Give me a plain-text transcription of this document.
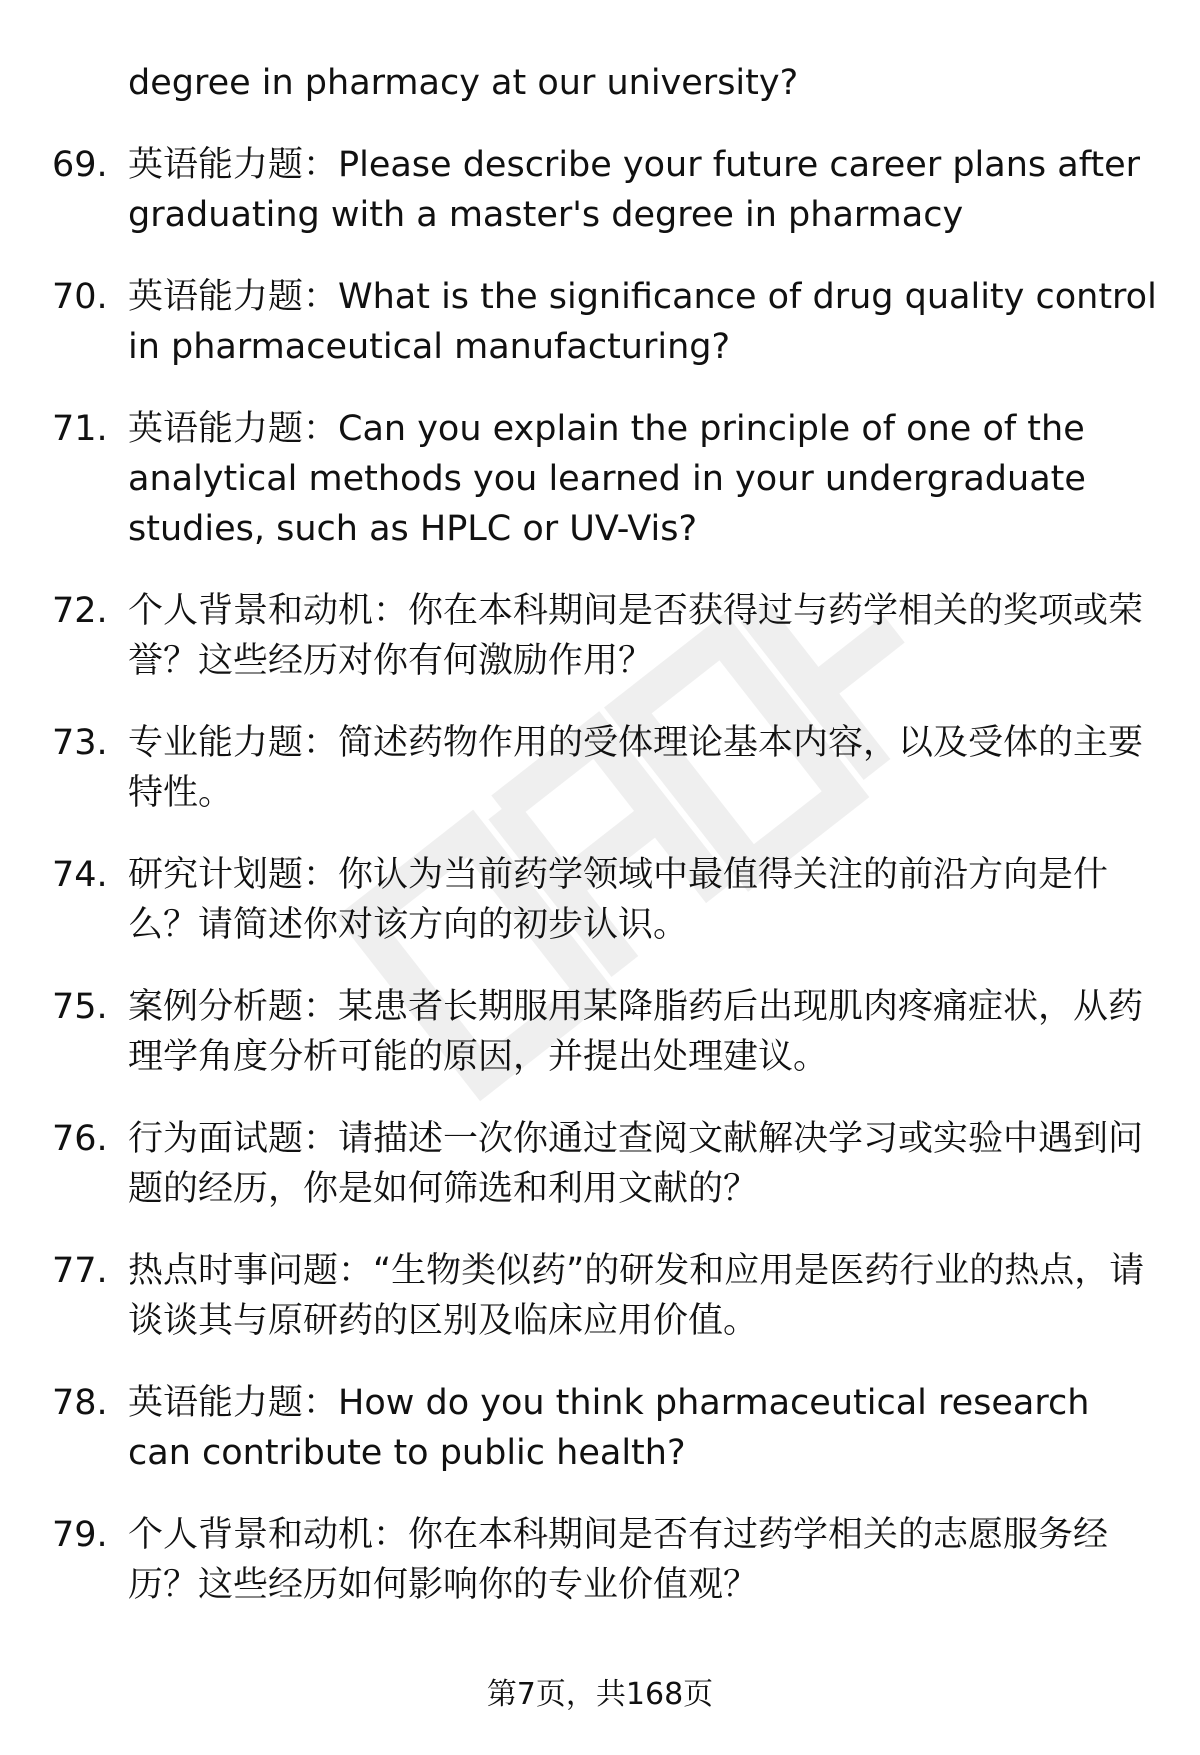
degree in pharmacy at our university?
69. 英语能力题：Please describe your future career plans after graduating with a master's degree in pharmacy
70. 英语能力题：What is the significance of drug quality control in pharmaceutical manufacturing?
71. 英语能力题：Can you explain the principle of one of the analytical methods you learned in your undergraduate studies, such as HPLC or UV-Vis?
72. 个人背景和动机：你在本科期间是否获得过与药学相关的奖项或荣誉？这些经历对你有何激励作用？
73. 专业能力题：简述药物作用的受体理论基本内容，以及受体的主要特性。
74. 研究计划题：你认为当前药学领域中最值得关注的前沿方向是什么？请简述你对该方向的初步认识。
75. 案例分析题：某患者长期服用某降脂药后出现肌肉疼痛症状，从药理学角度分析可能的原因，并提出处理建议。
76. 行为面试题：请描述一次你通过查阅文献解决学习或实验中遇到问题的经历，你是如何筛选和利用文献的？
77. 热点时事问题：“生物类似药”的研发和应用是医药行业的热点，请谈谈其与原研药的区别及临床应用价值。
78. 英语能力题：How do you think pharmaceutical research can contribute to public health?
79. 个人背景和动机：你在本科期间是否有过药学相关的志愿服务经历？这些经历如何影响你的专业价值观？
第7页，共168页
